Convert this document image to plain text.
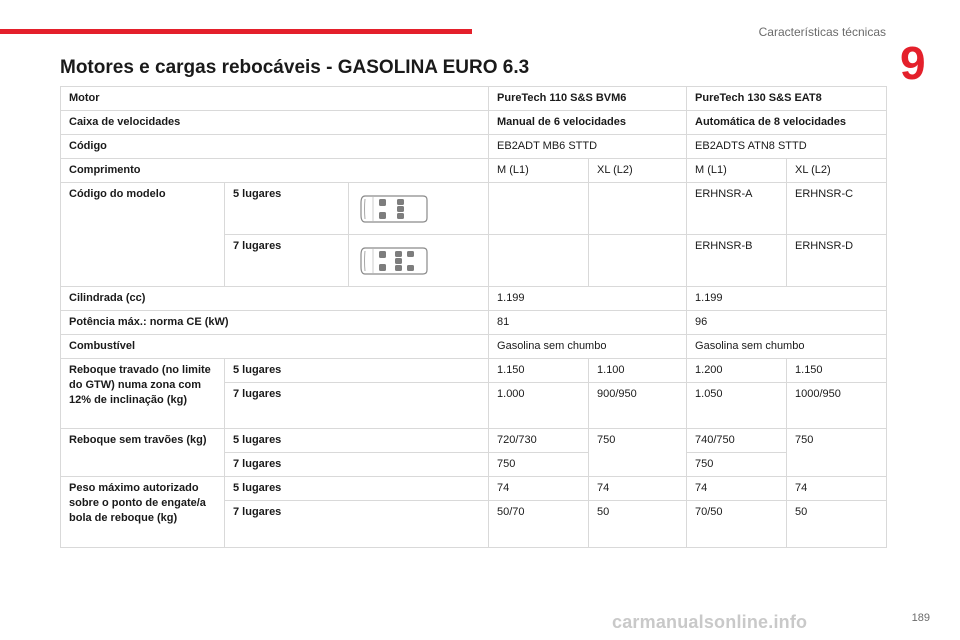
Características técnicas
9
Motores e cargas rebocáveis - GASOLINA EURO 6.3
Motor			PureTech 110 S&S BVM6		PureTech 130 S&S EAT8	
Caixa de velocidades			Manual de 6 velocidades		Automática de 8 velocidades	
Código			EB2ADT MB6 STTD		EB2ADTS ATN8 STTD	
Comprimento			M (L1)	XL (L2)	M (L1)	XL (L2)
Código do modelo	5 lugares				ERHNSR-A	ERHNSR-C
	7 lugares				ERHNSR-B	ERHNSR-D
Cilindrada (cc)			1.199		1.199	
Potência máx.: norma CE (kW)			81		96	
Combustível			Gasolina sem chumbo		Gasolina sem chumbo	
Reboque travado (no limite do GTW) numa zona com 12% de inclinação (kg)	5 lugares		1.150	1.100	1.200	1.150
	7 lugares		1.000	900/950	1.050	1000/950
Reboque sem travões (kg)	5 lugares		720/730	750	740/750	750
	7 lugares		750		750	
Peso máximo autorizado sobre o ponto de engate/a bola de reboque (kg)	5 lugares		74	74	74	74
	7 lugares		50/70	50	70/50	50
carmanualsonline.info	189
